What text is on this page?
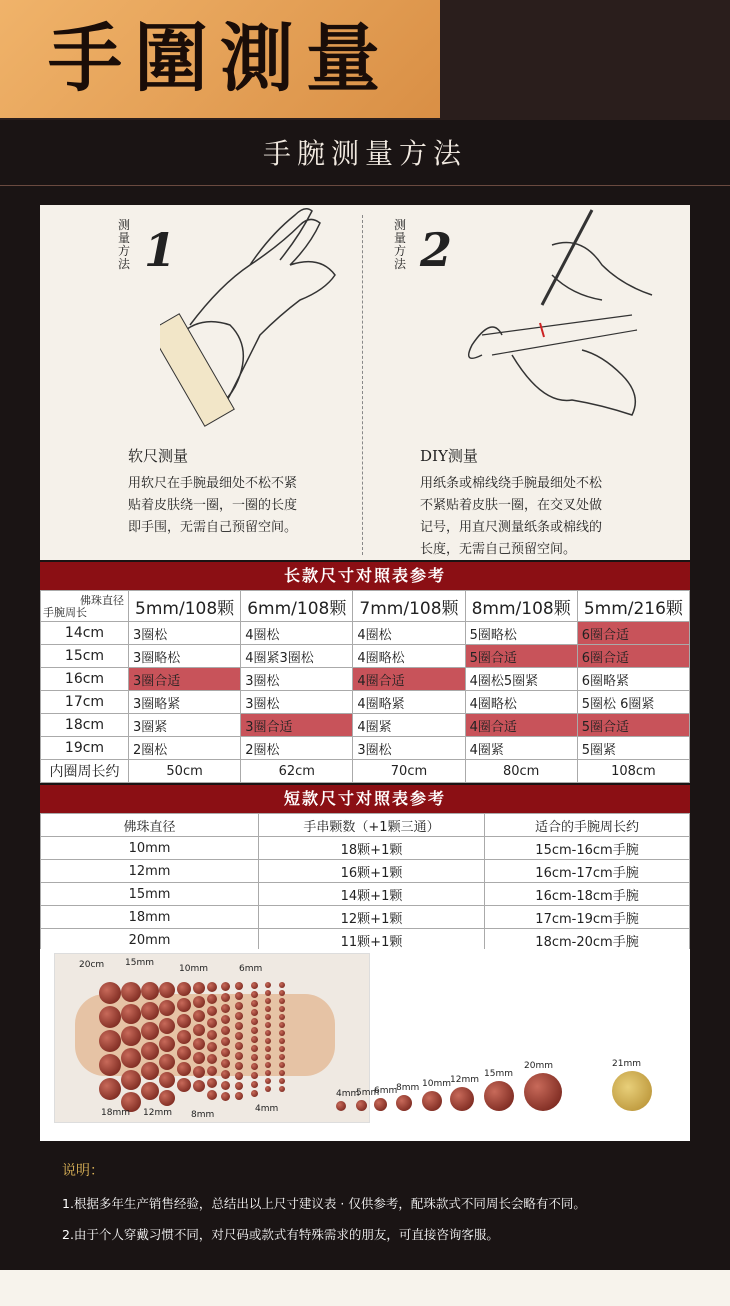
手圍測量
手腕测量方法
测量方法 1
软尺测量
用软尺在手腕最细处不松不紧
贴着皮肤绕一圈，一圈的长度
即手围，无需自己预留空间。
测量方法 2
DIY测量
用纸条或棉线绕手腕最细处不松
不紧贴着皮肤一圈，在交叉处做
记号，用直尺测量纸条或棉线的
长度，无需自己预留空间。
长款尺寸对照表参考
佛珠直径
手腕周长	5mm/108颗	6mm/108颗	7mm/108颗	8mm/108颗	5mm/216颗
14cm	3圈松	4圈松	4圈松	5圈略松	6圈合适
15cm	3圈略松	4圈紧3圈松	4圈略松	5圈合适	6圈合适
16cm	3圈合适	3圈松	4圈合适	4圈松5圈紧	6圈略紧
17cm	3圈略紧	3圈松	4圈略紧	4圈略松	5圈松 6圈紧
18cm	3圈紧	3圈合适	4圈紧	4圈合适	5圈合适
19cm	2圈松	2圈松	3圈松	4圈紧	5圈紧
内圈周长约	50cm	62cm	70cm	80cm	108cm
短款尺寸对照表参考
佛珠直径	手串颗数（+1颗三通）	适合的手腕周长约
10mm	18颗+1颗	15cm-16cm手腕
12mm	16颗+1颗	16cm-17cm手腕
15mm	14颗+1颗	16cm-18cm手腕
18mm	12颗+1颗	17cm-19cm手腕
20mm	11颗+1颗	18cm-20cm手腕
20cm 15mm
10mm	6mm
18mm 12mm 8mm
4mm
4mm
5mm
6mm
8mm 10mm 12mm
15mm
20mm	21mm
说明：
1.根据多年生产销售经验，总结出以上尺寸建议表 · 仅供参考，配珠款式不同周长会略有不同。
2.由于个人穿戴习惯不同，对尺码或款式有特殊需求的朋友，可直接咨询客服。
